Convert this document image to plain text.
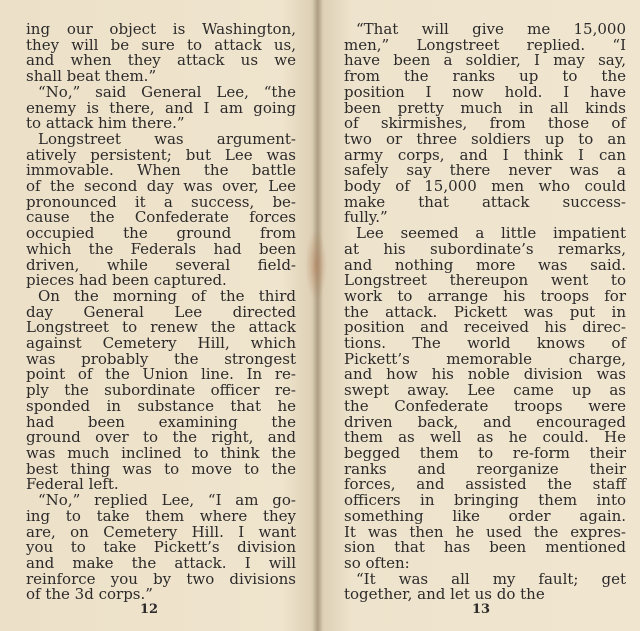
ing our object is Washington,
they will be sure to attack us,
and when they attack us we
shall beat them.”
“No,” said General Lee, “the
enemy is there, and I am going
to attack him there.”
Longstreet was argument-
atively persistent; but Lee was
immovable. When the battle
of the second day was over, Lee
pronounced it a success, be-
cause the Confederate forces
occupied the ground from
which the Federals had been
driven, while several field-
pieces had been captured.
On the morning of the third
day General Lee directed
Longstreet to renew the attack
against Cemetery Hill, which
was probably the strongest
point of the Union line. In re-
ply the subordinate officer re-
sponded in substance that he
had been examining the
ground over to the right, and
was much inclined to think the
best thing was to move to the
Federal left.
“No,” replied Lee, “I am go-
ing to take them where they
are, on Cemetery Hill. I want
you to take Pickett’s division
and make the attack. I will
reinforce you by two divisions
of the 3d corps.”
12
“That will give me 15,000
men,” Longstreet replied. “I
have been a soldier, I may say,
from the ranks up to the
position I now hold. I have
been pretty much in all kinds
of skirmishes, from those of
two or three soldiers up to an
army corps, and I think I can
safely say there never was a
body of 15,000 men who could
make that attack success-
fully.”
Lee seemed a little impatient
at his subordinate’s remarks,
and nothing more was said.
Longstreet thereupon went to
work to arrange his troops for
the attack. Pickett was put in
position and received his direc-
tions. The world knows of
Pickett’s memorable charge,
and how his noble division was
swept away. Lee came up as
the Confederate troops were
driven back, and encouraged
them as well as he could. He
begged them to re-form their
ranks and reorganize their
forces, and assisted the staff
officers in bringing them into
something like order again.
It was then he used the expres-
sion that has been mentioned
so often:
“It was all my fault; get
together, and let us do the
13
